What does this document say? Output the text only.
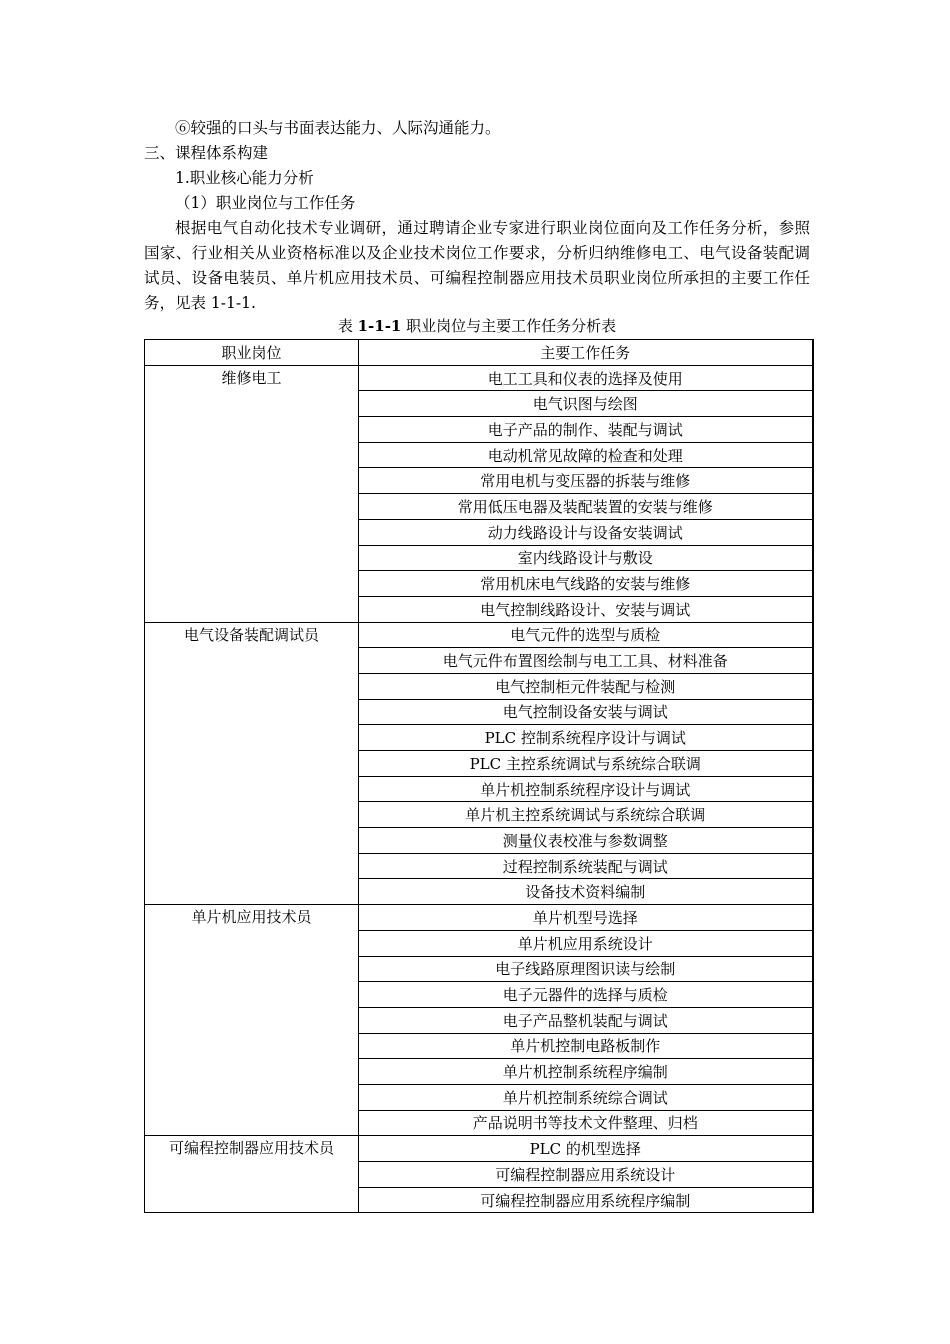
⑥较强的口头与书面表达能力、人际沟通能力。
三、课程体系构建
1.职业核心能力分析
（1）职业岗位与工作任务
根据电气自动化技术专业调研，通过聘请企业专家进行职业岗位面向及工作任务分析，参照国家、行业相关从业资格标准以及企业技术岗位工作要求，分析归纳维修电工、电气设备装配调试员、设备电装员、单片机应用技术员、可编程控制器应用技术员职业岗位所承担的主要工作任务，见表 1-1-1.
表 1-1-1 职业岗位与主要工作任务分析表
职业岗位	主要工作任务
维修电工	电工工具和仪表的选择及使用
	电气识图与绘图
	电子产品的制作、装配与调试
	电动机常见故障的检查和处理
	常用电机与变压器的拆装与维修
	常用低压电器及装配装置的安装与维修
	动力线路设计与设备安装调试
	室内线路设计与敷设
	常用机床电气线路的安装与维修
	电气控制线路设计、安装与调试
电气设备装配调试员	电气元件的选型与质检
	电气元件布置图绘制与电工工具、材料准备
	电气控制柜元件装配与检测
	电气控制设备安装与调试
	PLC 控制系统程序设计与调试
	PLC 主控系统调试与系统综合联调
	单片机控制系统程序设计与调试
	单片机主控系统调试与系统综合联调
	测量仪表校准与参数调整
	过程控制系统装配与调试
	设备技术资料编制
单片机应用技术员	单片机型号选择
	单片机应用系统设计
	电子线路原理图识读与绘制
	电子元器件的选择与质检
	电子产品整机装配与调试
	单片机控制电路板制作
	单片机控制系统程序编制
	单片机控制系统综合调试
	产品说明书等技术文件整理、归档
可编程控制器应用技术员	PLC 的机型选择
	可编程控制器应用系统设计
	可编程控制器应用系统程序编制
